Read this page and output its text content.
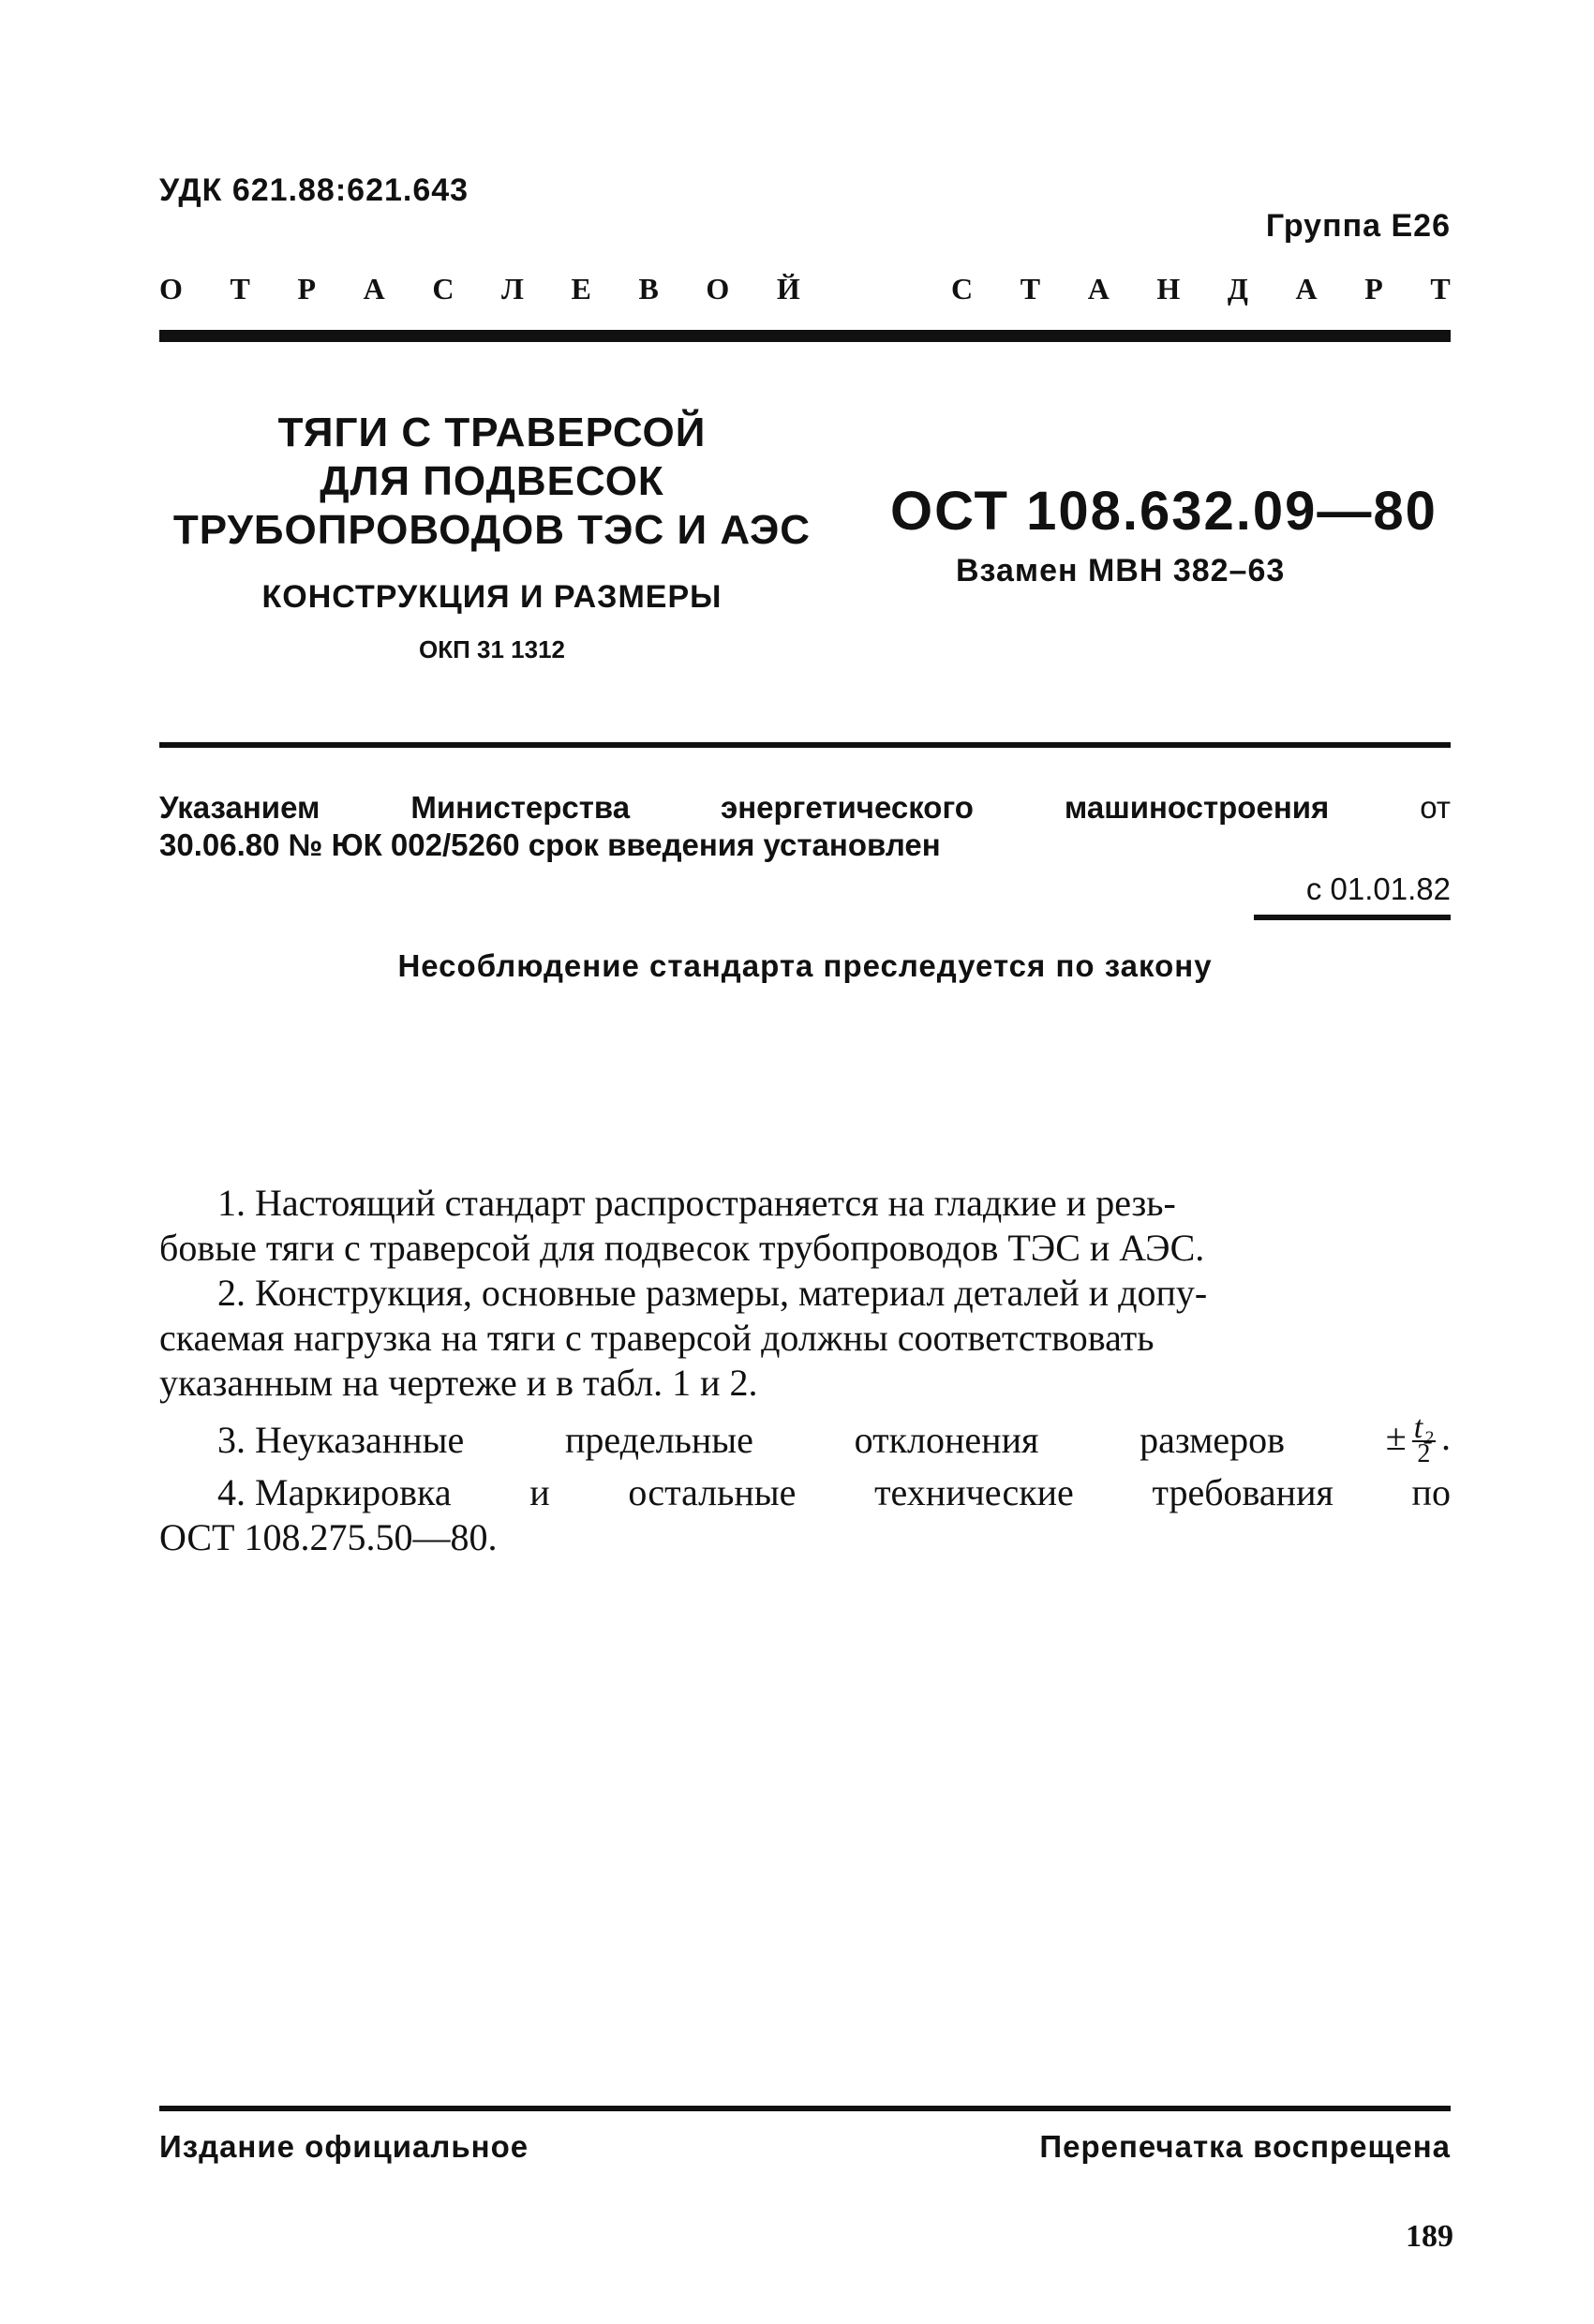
УДК 621.88:621.643
Группа Е26
О Т Р А С Л Е В О Й	С Т А Н Д А Р Т
ТЯГИ С ТРАВЕРСОЙ
ДЛЯ ПОДВЕСОК
ТРУБОПРОВОДОВ ТЭС И АЭС
КОНСТРУКЦИЯ И РАЗМЕРЫ
ОКП 31 1312
ОСТ 108.632.09—80
Взамен МВН 382–63
Указанием	Министерства	энергетического	машиностроения	от
30.06.80 № ЮК 002/5260 срок введения установлен
с 01.01.82
Несоблюдение стандарта преследуется по закону
1. Настоящий стандарт распространяется на гладкие и резь-
бовые тяги с траверсой для подвесок трубопроводов ТЭС и АЭС.
2. Конструкция, основные размеры, материал деталей и допу-
скаемая нагрузка на тяги с траверсой должны соответствовать
указанным на чертеже и в табл. 1 и 2.
3. Неуказанные	предельные	отклонения	размеров	± $\frac{\text{t₂}}{2}$ .
4. Маркировка и остальные технические требования по
ОСТ 108.275.50—80.
Издание официальное	Перепечатка воспрещена
189
